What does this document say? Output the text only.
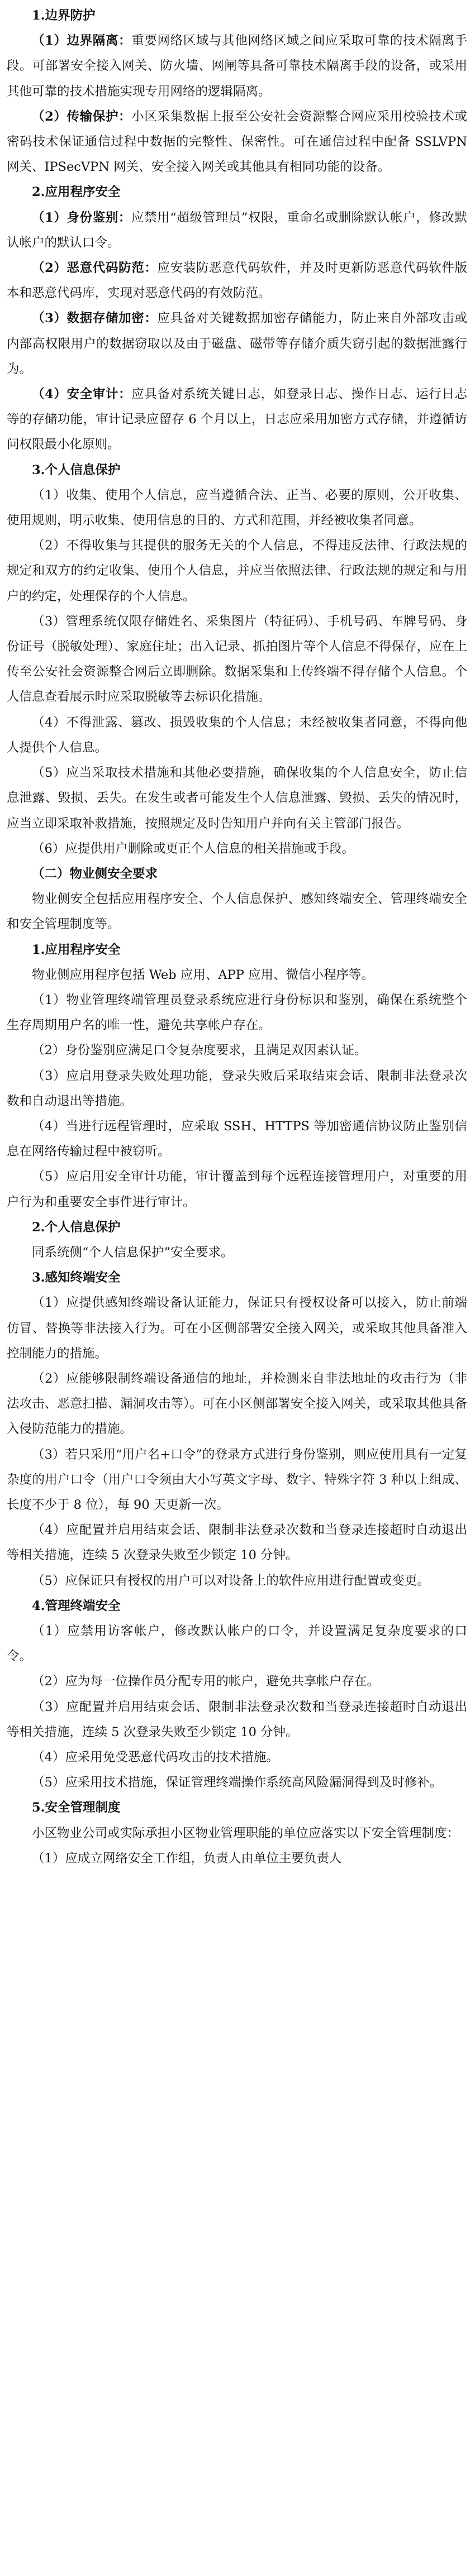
1.边界防护

（1）边界隔离：重要网络区域与其他网络区域之间应采取可靠的技术隔离手段。可部署安全接入网关、防火墙、网闸等具备可靠技术隔离手段的设备，或采用其他可靠的技术措施实现专用网络的逻辑隔离。

（2）传输保护：小区采集数据上报至公安社会资源整合网应采用校验技术或密码技术保证通信过程中数据的完整性、保密性。可在通信过程中配备 SSLVPN 网关、IPSecVPN 网关、安全接入网关或其他具有相同功能的设备。

2.应用程序安全

（1）身份鉴别：应禁用“超级管理员”权限，重命名或删除默认帐户，修改默认帐户的默认口令。

（2）恶意代码防范：应安装防恶意代码软件，并及时更新防恶意代码软件版本和恶意代码库，实现对恶意代码的有效防范。

（3）数据存储加密：应具备对关键数据加密存储能力，防止来自外部攻击或内部高权限用户的数据窃取以及由于磁盘、磁带等存储介质失窃引起的数据泄露行为。

（4）安全审计：应具备对系统关键日志，如登录日志、操作日志、运行日志等的存储功能，审计记录应留存 6 个月以上，日志应采用加密方式存储，并遵循访问权限最小化原则。

3.个人信息保护

（1）收集、使用个人信息，应当遵循合法、正当、必要的原则，公开收集、使用规则，明示收集、使用信息的目的、方式和范围，并经被收集者同意。

（2）不得收集与其提供的服务无关的个人信息，不得违反法律、行政法规的规定和双方的约定收集、使用个人信息，并应当依照法律、行政法规的规定和与用户的约定，处理保存的个人信息。

（3）管理系统仅限存储姓名、采集图片（特征码）、手机号码、车牌号码、身份证号（脱敏处理）、家庭住址；出入记录、抓拍图片等个人信息不得保存，应在上传至公安社会资源整合网后立即删除。数据采集和上传终端不得存储个人信息。个人信息查看展示时应采取脱敏等去标识化措施。

（4）不得泄露、篡改、损毁收集的个人信息；未经被收集者同意，不得向他人提供个人信息。

（5）应当采取技术措施和其他必要措施，确保收集的个人信息安全，防止信息泄露、毁损、丢失。在发生或者可能发生个人信息泄露、毁损、丢失的情况时，应当立即采取补救措施，按照规定及时告知用户并向有关主管部门报告。

（6）应提供用户删除或更正个人信息的相关措施或手段。

（二）物业侧安全要求

物业侧安全包括应用程序安全、个人信息保护、感知终端安全、管理终端安全和安全管理制度等。

1.应用程序安全

物业侧应用程序包括 Web 应用、APP 应用、微信小程序等。

（1）物业管理终端管理员登录系统应进行身份标识和鉴别，确保在系统整个生存周期用户名的唯一性，避免共享帐户存在。

（2）身份鉴别应满足口令复杂度要求，且满足双因素认证。

（3）应启用登录失败处理功能，登录失败后采取结束会话、限制非法登录次数和自动退出等措施。

（4）当进行远程管理时，应采取 SSH、HTTPS 等加密通信协议防止鉴别信息在网络传输过程中被窃听。

（5）应启用安全审计功能，审计覆盖到每个远程连接管理用户，对重要的用户行为和重要安全事件进行审计。

2.个人信息保护

同系统侧“个人信息保护”安全要求。

3.感知终端安全

（1）应提供感知终端设备认证能力，保证只有授权设备可以接入，防止前端仿冒、替换等非法接入行为。可在小区侧部署安全接入网关，或采取其他具备准入控制能力的措施。

（2）应能够限制终端设备通信的地址，并检测来自非法地址的攻击行为（非法攻击、恶意扫描、漏洞攻击等）。可在小区侧部署安全接入网关，或采取其他具备入侵防范能力的措施。

（3）若只采用“用户名+口令”的登录方式进行身份鉴别，则应使用具有一定复杂度的用户口令（用户口令须由大小写英文字母、数字、特殊字符 3 种以上组成、长度不少于 8 位），每 90 天更新一次。

（4）应配置并启用结束会话、限制非法登录次数和当登录连接超时自动退出等相关措施，连续 5 次登录失败至少锁定 10 分钟。

（5）应保证只有授权的用户可以对设备上的软件应用进行配置或变更。

4.管理终端安全

（1）应禁用访客帐户，修改默认帐户的口令，并设置满足复杂度要求的口令。

（2）应为每一位操作员分配专用的帐户，避免共享帐户存在。

（3）应配置并启用结束会话、限制非法登录次数和当登录连接超时自动退出等相关措施，连续 5 次登录失败至少锁定 10 分钟。

（4）应采用免受恶意代码攻击的技术措施。

（5）应采用技术措施，保证管理终端操作系统高风险漏洞得到及时修补。

5.安全管理制度

小区物业公司或实际承担小区物业管理职能的单位应落实以下安全管理制度：

（1）应成立网络安全工作组，负责人由单位主要负责人
